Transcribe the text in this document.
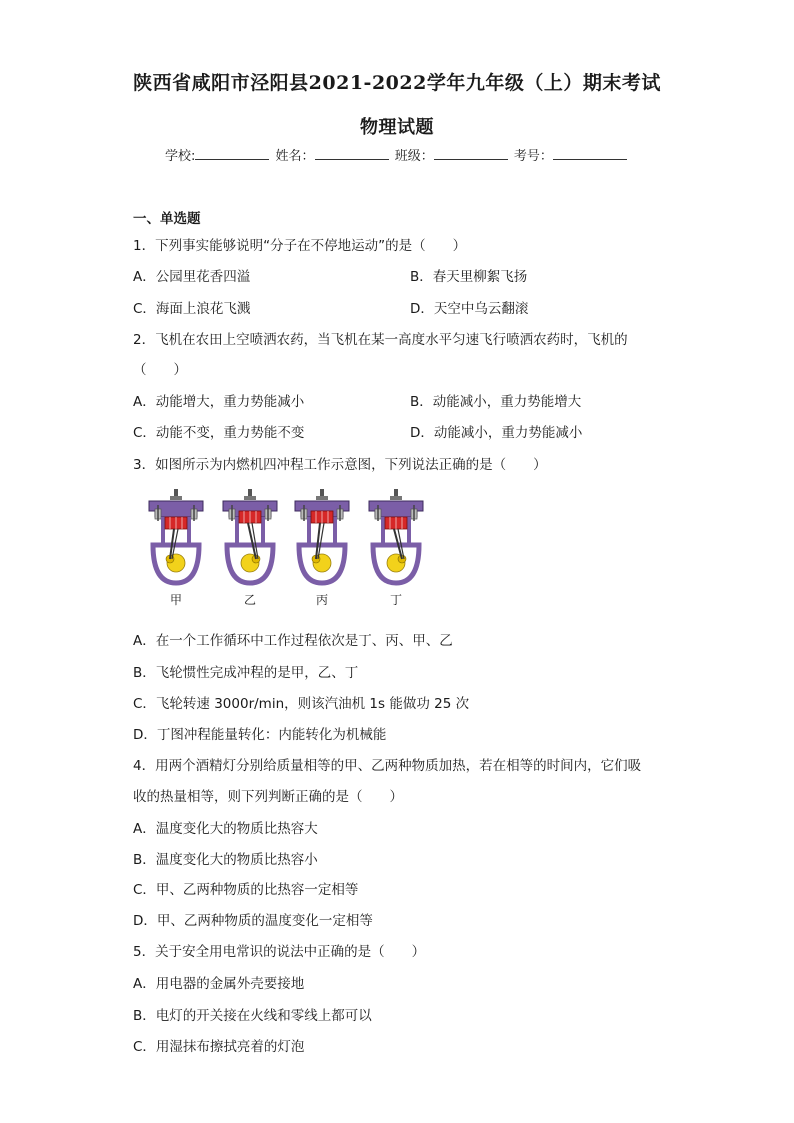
陕西省咸阳市泾阳县2021-2022学年九年级（上）期末考试
物理试题
学校:	姓名：	班级：	考号：
一、单选题
1．下列事实能够说明“分子在不停地运动”的是（　　）
A．公园里花香四溢	B．春天里柳絮飞扬
C．海面上浪花飞溅	D．天空中乌云翻滚
2．飞机在农田上空喷洒农药，当飞机在某一高度水平匀速飞行喷洒农药时，飞机的
（　　）
A．动能增大，重力势能减小	B．动能减小，重力势能增大
C．动能不变，重力势能不变	D．动能减小，重力势能减小
3．如图所示为内燃机四冲程工作示意图，下列说法正确的是（　　）
甲	乙	丙	丁
A．在一个工作循环中工作过程依次是丁、丙、甲、乙
B．飞轮惯性完成冲程的是甲，乙、丁
C．飞轮转速 3000r/min，则该汽油机 1s 能做功 25 次
D．丁图冲程能量转化：内能转化为机械能
4．用两个酒精灯分别给质量相等的甲、乙两种物质加热，若在相等的时间内，它们吸
收的热量相等，则下列判断正确的是（　　）
A．温度变化大的物质比热容大
B．温度变化大的物质比热容小
C．甲、乙两种物质的比热容一定相等
D．甲、乙两种物质的温度变化一定相等
5．关于安全用电常识的说法中正确的是（　　）
A．用电器的金属外壳要接地
B．电灯的开关接在火线和零线上都可以
C．用湿抹布擦拭亮着的灯泡
